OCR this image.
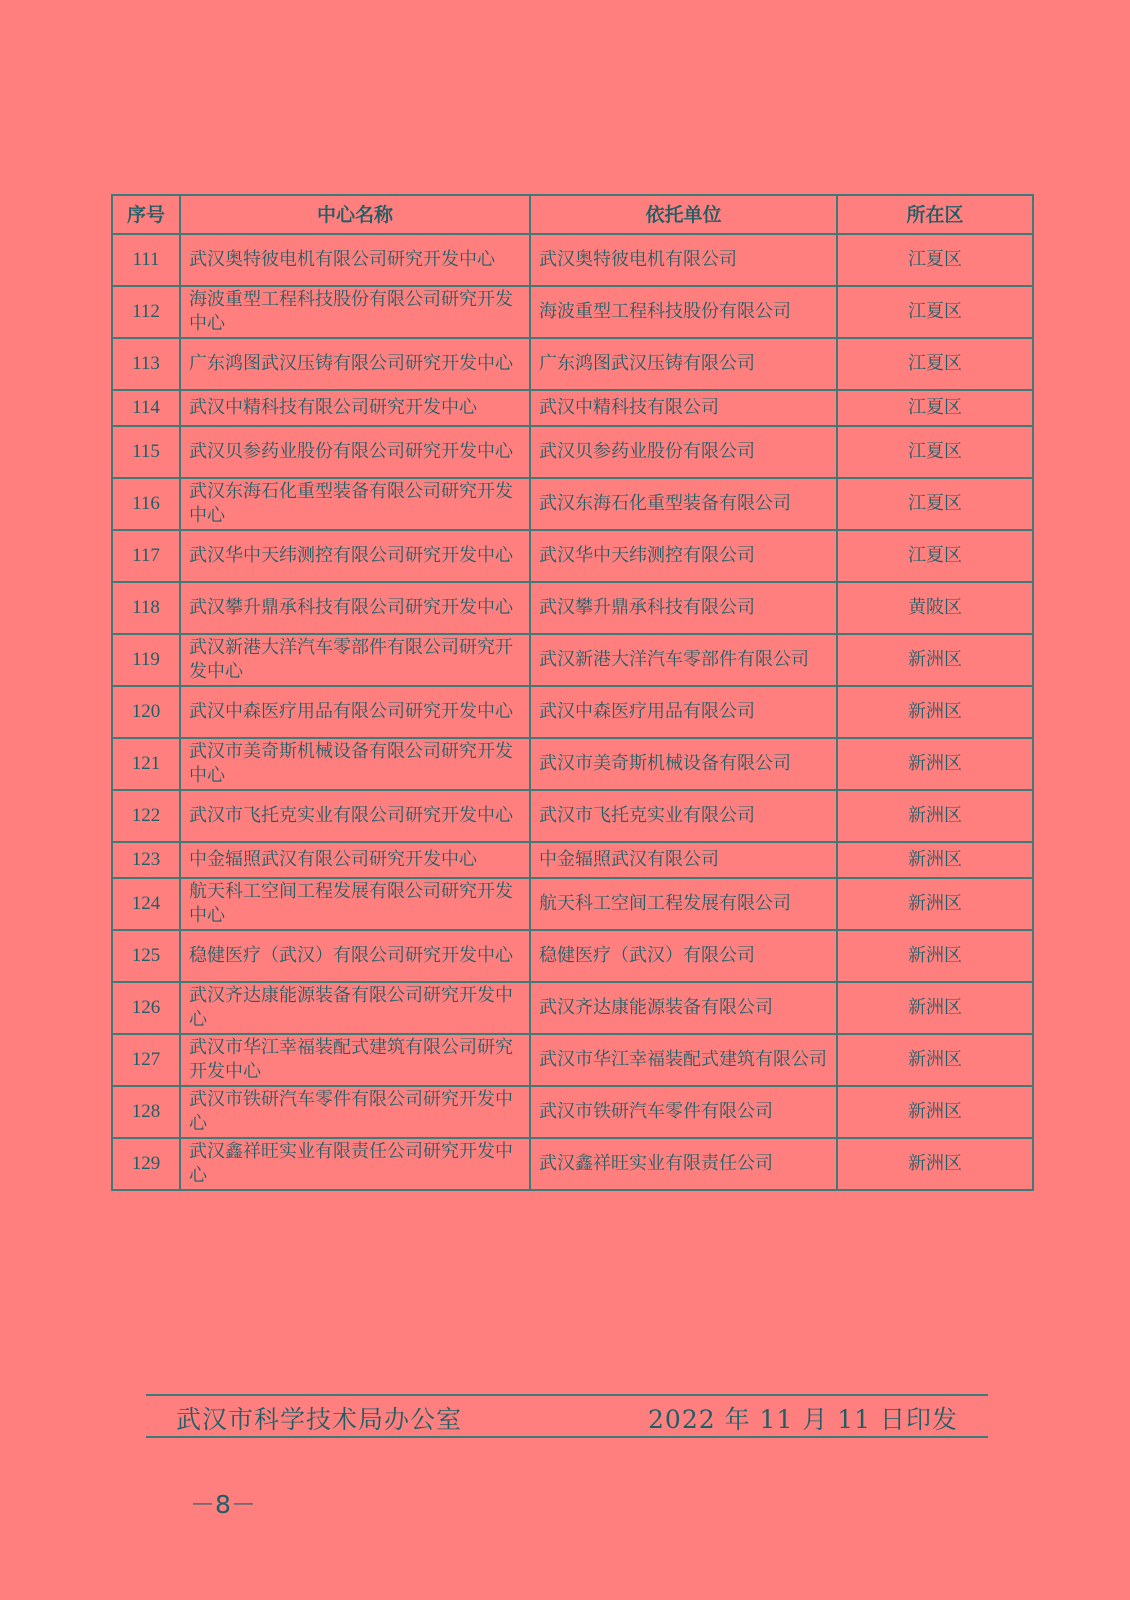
序号	中心名称	依托单位	所在区
111	武汉奥特彼电机有限公司研究开发中心	武汉奥特彼电机有限公司	江夏区
112	海波重型工程科技股份有限公司研究开发中心	海波重型工程科技股份有限公司	江夏区
113	广东鸿图武汉压铸有限公司研究开发中心	广东鸿图武汉压铸有限公司	江夏区
114	武汉中精科技有限公司研究开发中心	武汉中精科技有限公司	江夏区
115	武汉贝参药业股份有限公司研究开发中心	武汉贝参药业股份有限公司	江夏区
116	武汉东海石化重型装备有限公司研究开发中心	武汉东海石化重型装备有限公司	江夏区
117	武汉华中天纬测控有限公司研究开发中心	武汉华中天纬测控有限公司	江夏区
118	武汉攀升鼎承科技有限公司研究开发中心	武汉攀升鼎承科技有限公司	黄陂区
119	武汉新港大洋汽车零部件有限公司研究开发中心	武汉新港大洋汽车零部件有限公司	新洲区
120	武汉中森医疗用品有限公司研究开发中心	武汉中森医疗用品有限公司	新洲区
121	武汉市美奇斯机械设备有限公司研究开发中心	武汉市美奇斯机械设备有限公司	新洲区
122	武汉市飞托克实业有限公司研究开发中心	武汉市飞托克实业有限公司	新洲区
123	中金辐照武汉有限公司研究开发中心	中金辐照武汉有限公司	新洲区
124	航天科工空间工程发展有限公司研究开发中心	航天科工空间工程发展有限公司	新洲区
125	稳健医疗（武汉）有限公司研究开发中心	稳健医疗（武汉）有限公司	新洲区
126	武汉齐达康能源装备有限公司研究开发中心	武汉齐达康能源装备有限公司	新洲区
127	武汉市华江幸福装配式建筑有限公司研究开发中心	武汉市华江幸福装配式建筑有限公司	新洲区
128	武汉市铁研汽车零件有限公司研究开发中心	武汉市铁研汽车零件有限公司	新洲区
129	武汉鑫祥旺实业有限责任公司研究开发中心	武汉鑫祥旺实业有限责任公司	新洲区
武汉市科学技术局办公室	2022 年 11 月 11 日印发
－8－
